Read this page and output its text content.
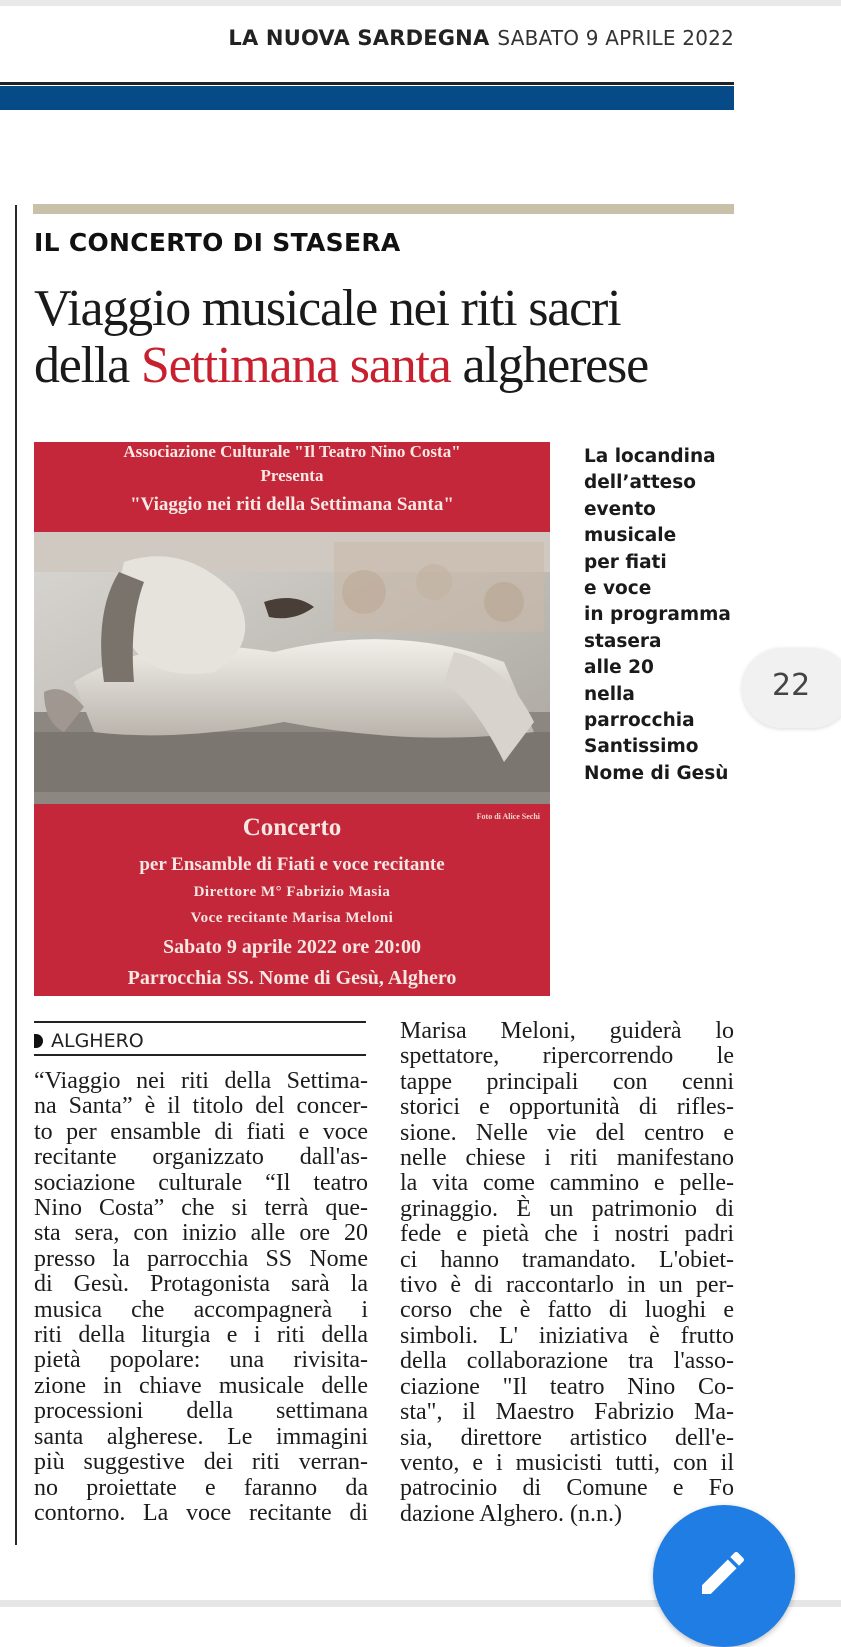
LA NUOVA SARDEGNA SABATO 9 APRILE 2022
IL CONCERTO DI STASERA
Viaggio musicale nei riti sacri
della Settimana santa algherese
Associazione Culturale "Il Teatro Nino Costa"
Presenta
"Viaggio nei riti della Settimana Santa"
Foto di Alice Sechi
Concerto
per Ensamble di Fiati e voce recitante
Direttore M° Fabrizio Masia
Voce recitante Marisa Meloni
Sabato 9 aprile 2022 ore 20:00
Parrocchia SS. Nome di Gesù, Alghero
La locandina
dell’atteso
evento
musicale
per fiati
e voce
in programma
stasera
alle 20
nella
parrocchia
Santissimo
Nome di Gesù
22
ALGHERO
“Viaggio nei riti della Settima-
na Santa” è il titolo del concer-
to per ensamble di fiati e voce
recitante organizzato dall'as-
sociazione culturale “Il teatro
Nino Costa” che si terrà que-
sta sera, con inizio alle ore 20
presso la parrocchia SS Nome
di Gesù. Protagonista sarà la
musica che accompagnerà i
riti della liturgia e i riti della
pietà popolare: una rivisita-
zione in chiave musicale delle
processioni della settimana
santa algherese. Le immagini
più suggestive dei riti verran-
no proiettate e faranno da
contorno. La voce recitante di
Marisa Meloni, guiderà lo
spettatore, ripercorrendo le
tappe principali con cenni
storici e opportunità di rifles-
sione. Nelle vie del centro e
nelle chiese i riti manifestano
la vita come cammino e pelle-
grinaggio. È un patrimonio di
fede e pietà che i nostri padri
ci hanno tramandato. L'obiet-
tivo è di raccontarlo in un per-
corso che è fatto di luoghi e
simboli. L' iniziativa è frutto
della collaborazione tra l'asso-
ciazione "Il teatro Nino Co-
sta", il Maestro Fabrizio Ma-
sia, direttore artistico dell'e-
vento, e i musicisti tutti, con il
patrocinio di Comune e Fo
dazione Alghero. (n.n.)
